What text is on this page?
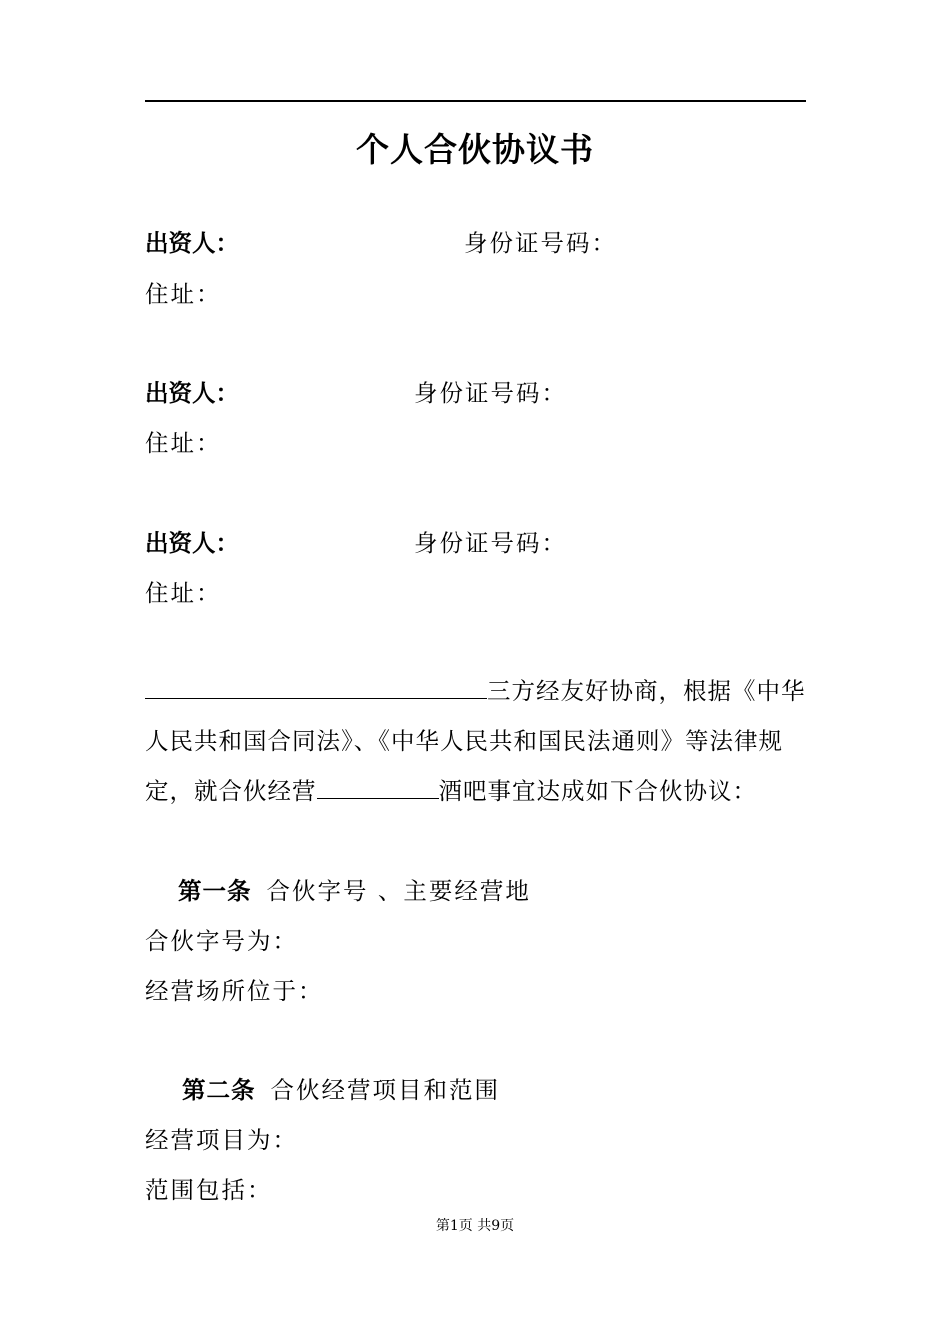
个人合伙协议书
出资人：	身份证号码：
住址：
出资人：	身份证号码：
住址：
出资人：	身份证号码：
住址：
三方经友好协商，根据《中华人民共和国合同法》、《中华人民共和国民法通则》等法律规定，就合伙经营	酒吧事宜达成如下合伙协议：
第一条 合伙字号 、主要经营地
合伙字号为：
经营场所位于：
第二条 合伙经营项目和范围
经营项目为：
范围包括：
第1页 共9页
